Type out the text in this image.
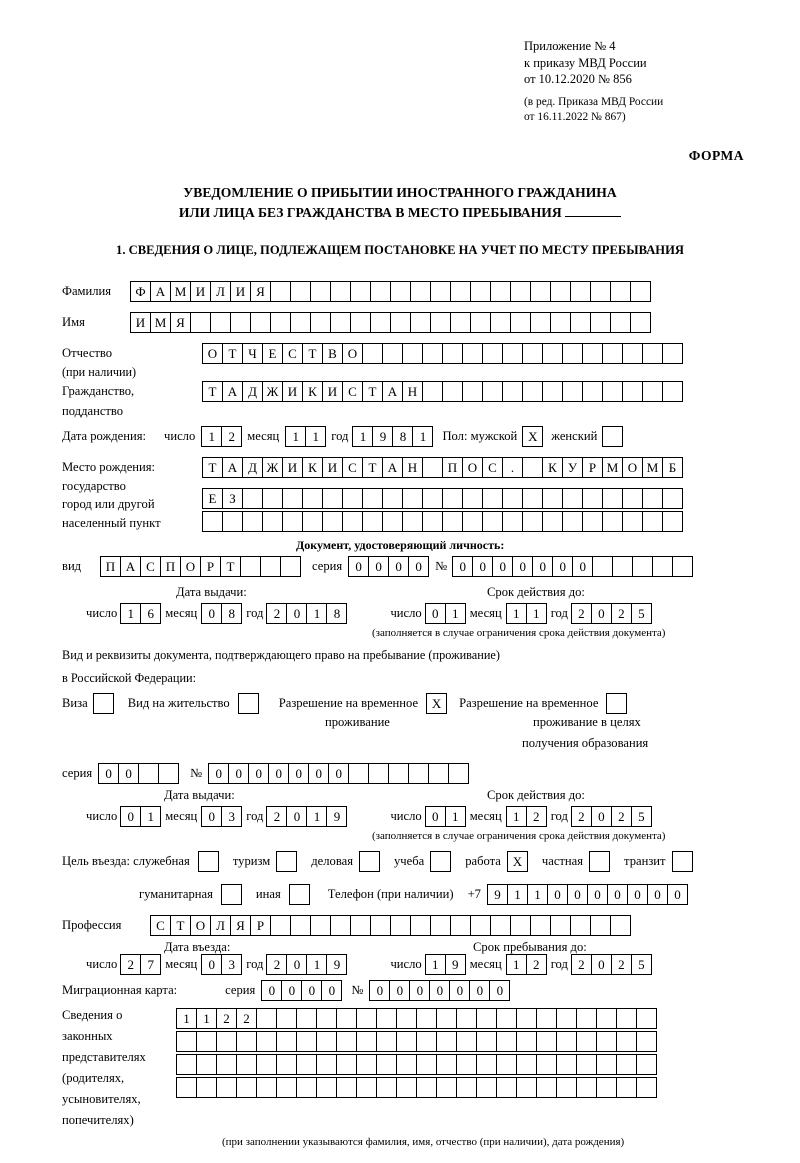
Приложение № 4
к приказу МВД России
от 10.12.2020 № 856
(в ред. Приказа МВД России
от 16.11.2022 № 867)
ФОРМА
УВЕДОМЛЕНИЕ О ПРИБЫТИИ ИНОСТРАННОГО ГРАЖДАНИНА
ИЛИ ЛИЦА БЕЗ ГРАЖДАНСТВА В МЕСТО ПРЕБЫВАНИЯ
1. СВЕДЕНИЯ О ЛИЦЕ, ПОДЛЕЖАЩЕМ ПОСТАНОВКЕ НА УЧЕТ ПО МЕСТУ ПРЕБЫВАНИЯ
Фамилия	Ф А М И Л И Я
Имя	И М Я
Отчество	О Т Ч Е С Т В О
(при наличии)
Гражданство,	Т А Д Ж И К И С Т А Н
подданство
Дата рождения: число	1	2 месяц	1	1 год 1	9	8	1	Пол: мужской X	женский
Место рождения:	Т А Д Ж И К И С Т А Н	П О С	.	К У Р М О М Б
государство
Е З
город или другой
населенный пункт
Документ, удостоверяющий личность:
вид	П А С П О Р Т	серия	0	0	0	0	№ 0	0	0	0	0	0	0
Дата выдачи:	Срок действия до:
число 1	6 месяц 0	8 год 2	0	1	8	число 0	1 месяц 1	1 год 2	0	2	5
(заполняется в случае ограничения срока действия документа)
Вид и реквизиты документа, подтверждающего право на пребывание (проживание)
в Российской Федерации:
Виза	Вид на жительство	Разрешение на временное	X	Разрешение на временное
проживание	проживание в целях
получения образования
серия	0	0	№	0	0	0	0	0	0	0
Дата выдачи:	Срок действия до:
число 0	1 месяц 0	3 год 2	0	1	9	число 0	1 месяц 1	2 год 2	0	2	5
(заполняется в случае ограничения срока действия документа)
Цель въезда: служебная	туризм	деловая	учеба	работа X	частная	транзит
гуманитарная	иная	Телефон (при наличии) +7	9	1	1	0	0	0	0	0	0	0
Профессия	С Т О Л Я Р
Дата въезда:	Срок пребывания до:
число 2	7 месяц 0	3 год 2	0	1	9	число 1	9 месяц 1	2 год 2	0	2	5
Миграционная карта:	серия	0	0	0	0	№	0	0	0	0	0	0	0
Сведения о
законных
представителях
(родителях,
усыновителях,
попечителях)
1	1	2	2
(при заполнении указываются фамилия, имя, отчество (при наличии), дата рождения)
